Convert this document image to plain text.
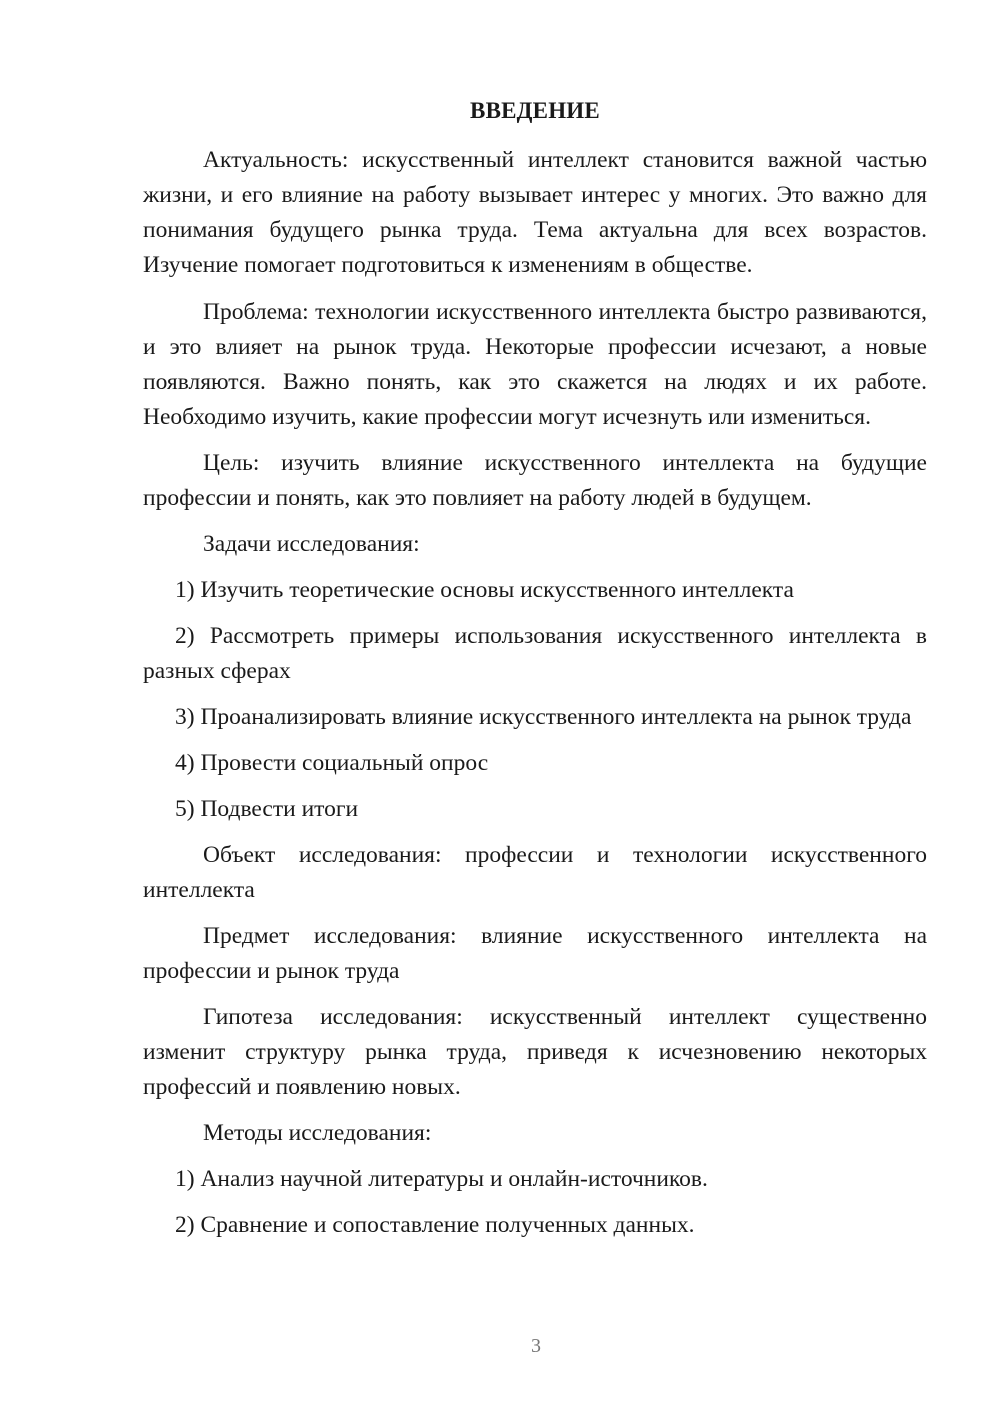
ВВЕДЕНИЕ

Актуальность: искусственный интеллект становится важной частью жизни, и его влияние на работу вызывает интерес у многих. Это важно для понимания будущего рынка труда. Тема актуальна для всех возрастов. Изучение помогает подготовиться к изменениям в обществе.

Проблема: технологии искусственного интеллекта быстро развиваются, и это влияет на рынок труда. Некоторые профессии исчезают, а новые появляются. Важно понять, как это скажется на людях и их работе. Необходимо изучить, какие профессии могут исчезнуть или измениться.

Цель: изучить влияние искусственного интеллекта на будущие профессии и понять, как это повлияет на работу людей в будущем.

Задачи исследования:

1) Изучить теоретические основы искусственного интеллекта

2) Рассмотреть примеры использования искусственного интеллекта в разных сферах

3) Проанализировать влияние искусственного интеллекта на рынок труда

4) Провести социальный опрос

5) Подвести итоги

Объект исследования: профессии и технологии искусственного интеллекта

Предмет исследования: влияние искусственного интеллекта на профессии и рынок труда

Гипотеза исследования: искусственный интеллект существенно изменит структуру рынка труда, приведя к исчезновению некоторых профессий и появлению новых.

Методы исследования:

1) Анализ научной литературы и онлайн-источников.

2) Сравнение и сопоставление полученных данных.

3
